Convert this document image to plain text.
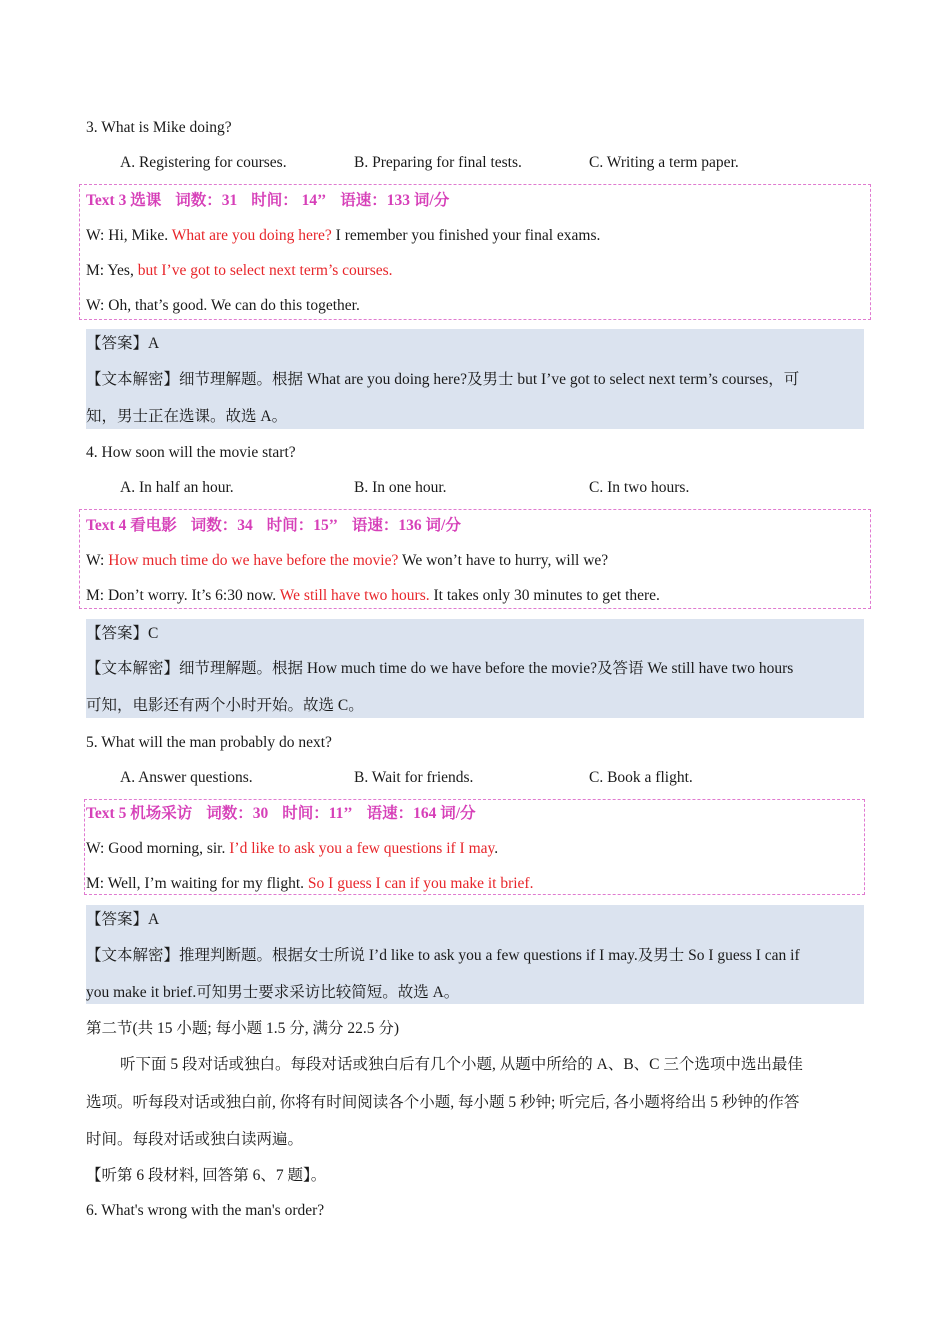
3. What is Mike doing?
A. Registering for courses.	B. Preparing for final tests.	C. Writing a term paper.
Text 3 选课 词数：31 时间： 14’’ 语速：133 词/分
W: Hi, Mike. What are you doing here? I remember you finished your final exams.
M: Yes, but I’ve got to select next term’s courses.
W: Oh, that’s good. We can do this together.
【答案】A
【文本解密】细节理解题。根据 What are you doing here?及男士 but I’ve got to select next term’s courses，可
知，男士正在选课。故选 A。
4. How soon will the movie start?
A. In half an hour.	B. In one hour.	C. In two hours.
Text 4 看电影 词数：34 时间：15’’ 语速：136 词/分
W: How much time do we have before the movie? We won’t have to hurry, will we?
M: Don’t worry. It’s 6:30 now. We still have two hours. It takes only 30 minutes to get there.
【答案】C
【文本解密】细节理解题。根据 How much time do we have before the movie?及答语 We still have two hours
可知，电影还有两个小时开始。故选 C。
5. What will the man probably do next?
A. Answer questions.	B. Wait for friends.	C. Book a flight.
Text 5 机场采访 词数：30 时间：11’’ 语速：164 词/分
W: Good morning, sir. I’d like to ask you a few questions if I may.
M: Well, I’m waiting for my flight. So I guess I can if you make it brief.
【答案】A
【文本解密】推理判断题。根据女士所说 I’d like to ask you a few questions if I may.及男士 So I guess I can if
you make it brief.可知男士要求采访比较简短。故选 A。
第二节(共 15 小题; 每小题 1.5 分, 满分 22.5 分)
听下面 5 段对话或独白。每段对话或独白后有几个小题, 从题中所给的 A、B、C 三个选项中选出最佳
选项。听每段对话或独白前, 你将有时间阅读各个小题, 每小题 5 秒钟; 听完后, 各小题将给出 5 秒钟的作答
时间。每段对话或独白读两遍。
【听第 6 段材料, 回答第 6、7 题】。
6. What's wrong with the man's order?
